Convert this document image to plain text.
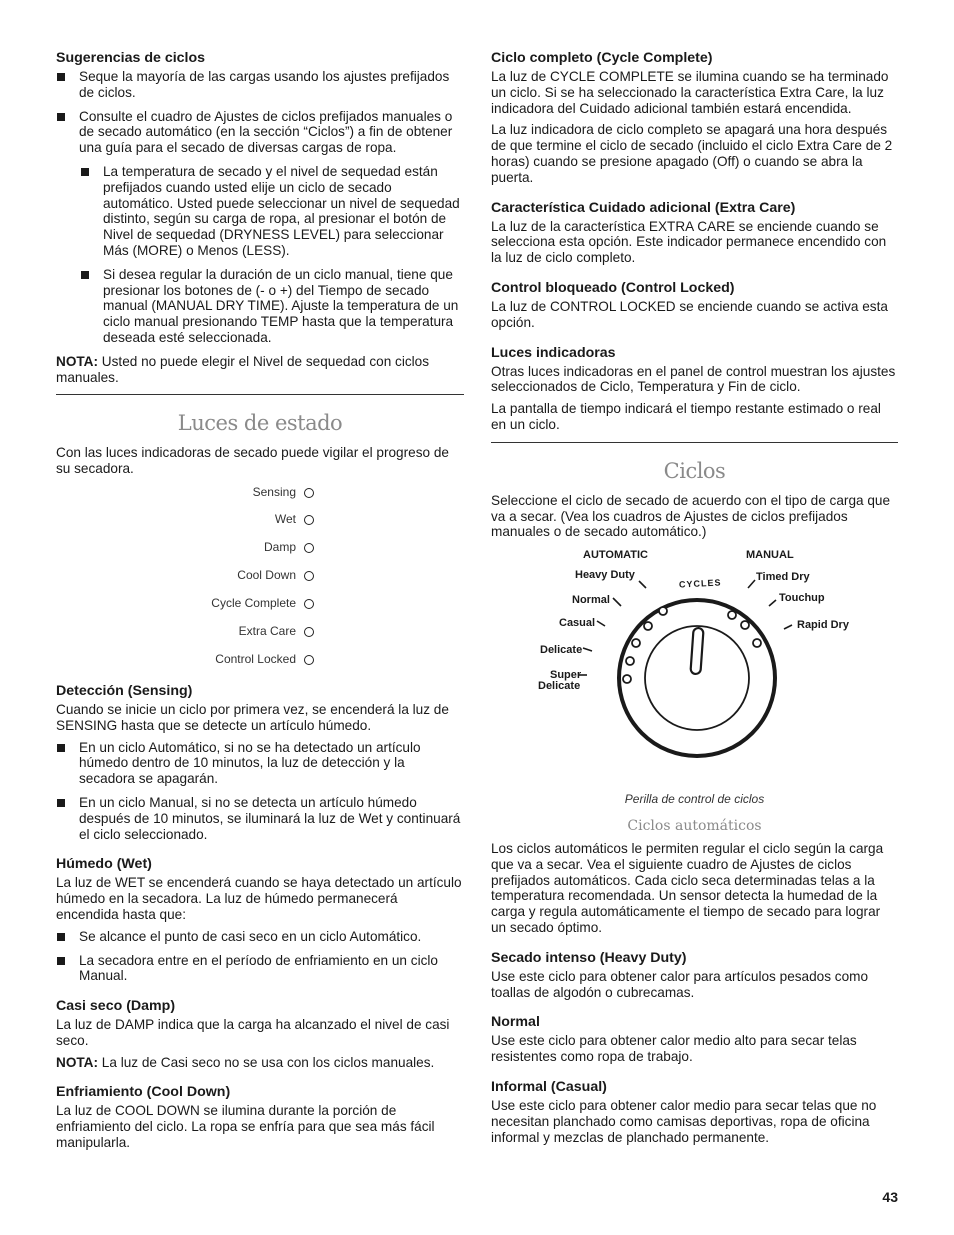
Sugerencias de ciclos
Seque la mayoría de las cargas usando los ajustes prefijados de ciclos.
Consulte el cuadro de Ajustes de ciclos prefijados manuales o de secado automático (en la sección “Ciclos”) a fin de obtener una guía para el secado de diversas cargas de ropa.
La temperatura de secado y el nivel de sequedad están prefijados cuando usted elije un ciclo de secado automático. Usted puede seleccionar un nivel de sequedad distinto, según su carga de ropa, al presionar el botón de Nivel de sequedad (DRYNESS LEVEL) para seleccionar Más (MORE) o Menos (LESS).
Si desea regular la duración de un ciclo manual, tiene que presionar los botones de (- o +) del Tiempo de secado manual (MANUAL DRY TIME). Ajuste la temperatura de un ciclo manual presionando TEMP hasta que la temperatura deseada esté seleccionada.

NOTA: Usted no puede elegir el Nivel de sequedad con ciclos manuales.

Luces de estado

Con las luces indicadoras de secado puede vigilar el progreso de su secadora.

Sensing
Wet
Damp
Cool Down
Cycle Complete
Extra Care
Control Locked
Detección (Sensing)

Cuando se inicie un ciclo por primera vez, se encenderá la luz de SENSING hasta que se detecte un artículo húmedo.

En un ciclo Automático, si no se ha detectado un artículo húmedo dentro de 10 minutos, la luz de detección y la secadora se apagarán.
En un ciclo Manual, si no se detecta un artículo húmedo después de 10 minutos, se iluminará la luz de Wet y continuará el ciclo seleccionado.
Húmedo (Wet)

La luz de WET se encenderá cuando se haya detectado un artículo húmedo en la secadora. La luz de húmedo permanecerá encendida hasta que:

Se alcance el punto de casi seco en un ciclo Automático.
La secadora entre en el período de enfriamiento en un ciclo Manual.
Casi seco (Damp)

La luz de DAMP indica que la carga ha alcanzado el nivel de casi seco.

NOTA: La luz de Casi seco no se usa con los ciclos manuales.

Enfriamiento (Cool Down)

La luz de COOL DOWN se ilumina durante la porción de enfriamiento del ciclo. La ropa se enfría para que sea más fácil manipularla.

Ciclo completo (Cycle Complete)

La luz de CYCLE COMPLETE se ilumina cuando se ha terminado un ciclo. Si se ha seleccionado la característica Extra Care, la luz indicadora del Cuidado adicional también estará encendida.

La luz indicadora de ciclo completo se apagará una hora después de que termine el ciclo de secado (incluido el ciclo Extra Care de 2 horas) cuando se presione apagado (Off) o cuando se abra la puerta.

Característica Cuidado adicional (Extra Care)

La luz de la característica EXTRA CARE se enciende cuando se selecciona esta opción. Este indicador permanece encendido con la luz de ciclo completo.

Control bloqueado (Control Locked)

La luz de CONTROL LOCKED se enciende cuando se activa esta opción.

Luces indicadoras

Otras luces indicadoras en el panel de control muestran los ajustes seleccionados de Ciclo, Temperatura y Fin de ciclo.

La pantalla de tiempo indicará el tiempo restante estimado o real en un ciclo.

Ciclos

Seleccione el ciclo de secado de acuerdo con el tipo de carga que va a secar. (Vea los cuadros de Ajustes de ciclos prefijados manuales o de secado automático.)

AUTOMATIC	MANUAL
Heavy Duty
Normal
Casual
Delicate
Super
Delicate
Timed Dry
Touchup
Rapid Dry
CYCLES
Perilla de control de ciclos
Ciclos automáticos

Los ciclos automáticos le permiten regular el ciclo según la carga que va a secar. Vea el siguiente cuadro de Ajustes de ciclos prefijados automáticos. Cada ciclo seca determinadas telas a la temperatura recomendada. Un sensor detecta la humedad de la carga y regula automáticamente el tiempo de secado para lograr un secado óptimo.

Secado intenso (Heavy Duty)

Use este ciclo para obtener calor para artículos pesados como toallas de algodón o cubrecamas.

Normal

Use este ciclo para obtener calor medio alto para secar telas resistentes como ropa de trabajo.

Informal (Casual)

Use este ciclo para obtener calor medio para secar telas que no necesitan planchado como camisas deportivas, ropa de oficina informal y mezclas de planchado permanente.

43
